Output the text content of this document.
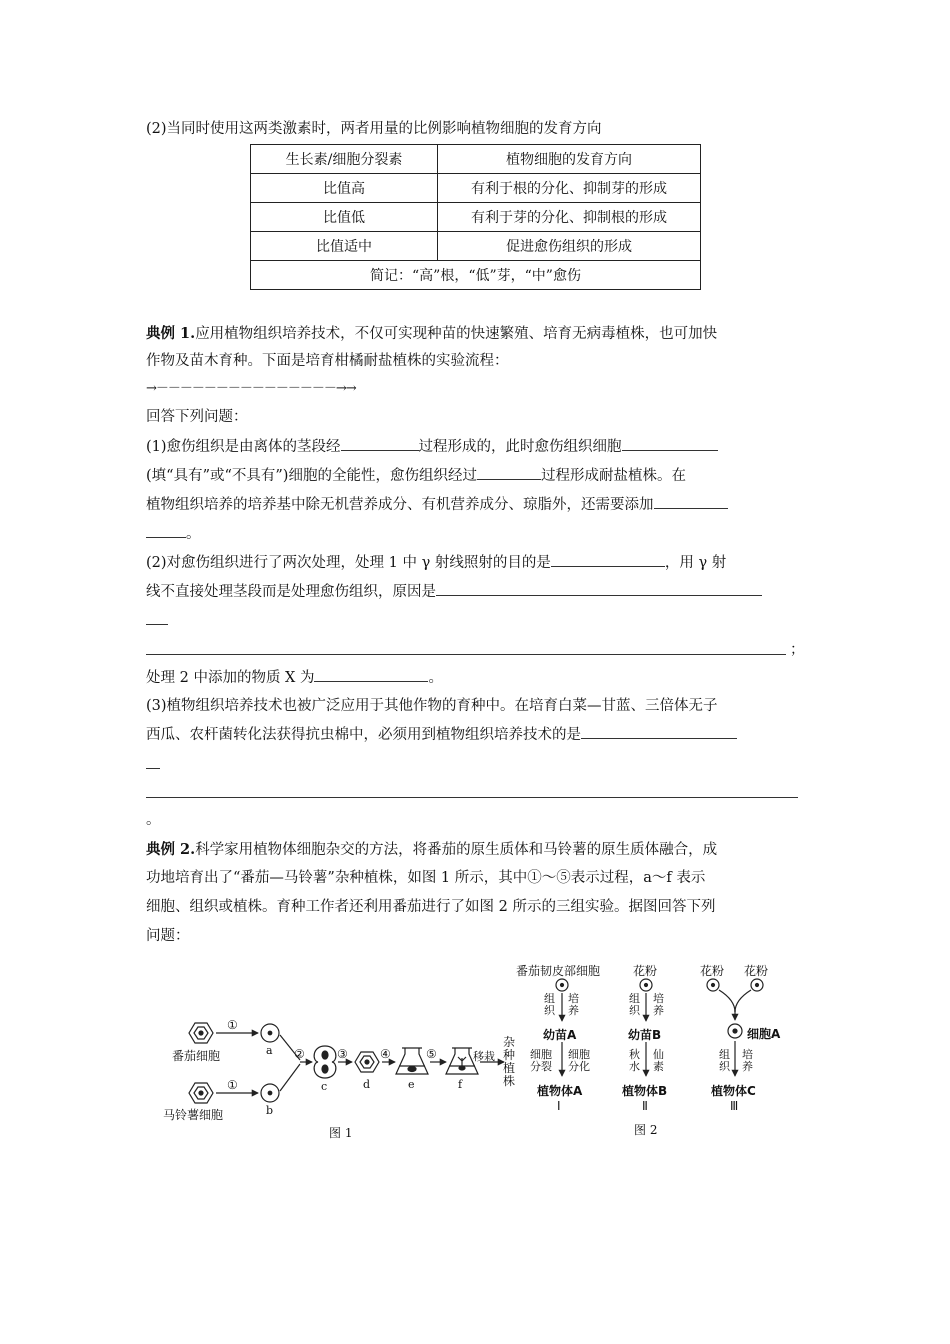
(2)当同时使用这两类激素时，两者用量的比例影响植物细胞的发育方向
生长素/细胞分裂素	植物细胞的发育方向
比值高	有利于根的分化、抑制芽的形成
比值低	有利于芽的分化、抑制根的形成
比值适中	促进愈伤组织的形成
简记：“高”根，“低”芽，“中”愈伤	
典例 1.应用植物组织培养技术，不仅可实现种苗的快速繁殖、培育无病毒植株，也可加快
作物及苗木育种。下面是培育柑橘耐盐植株的实验流程：
→－－－－－－－－－－－－－－－→→
回答下列问题：
(1)愈伤组织是由离体的茎段经	过程形成的，此时愈伤组织细胞
(填“具有”或“不具有”)细胞的全能性，愈伤组织经过	过程形成耐盐植株。在
植物组织培养的培养基中除无机营养成分、有机营养成分、琼脂外，还需要添加
。
(2)对愈伤组织进行了两次处理，处理 1 中 γ 射线照射的目的是	，用 γ 射
线不直接处理茎段而是处理愈伤组织，原因是
；
处理 2 中添加的物质 X 为	。
(3)植物组织培养技术也被广泛应用于其他作物的育种中。在培育白菜—甘蓝、三倍体无子
西瓜、农杆菌转化法获得抗虫棉中，必须用到植物组织培养技术的是
。
典例 2.科学家用植物体细胞杂交的方法，将番茄的原生质体和马铃薯的原生质体融合，成
功地培育出了“番茄—马铃薯”杂种植株，如图 1 所示，其中①～⑤表示过程，a～f 表示
细胞、组织或植株。育种工作者还利用番茄进行了如图 2 所示的三组实验。据图回答下列
问题：
番茄细胞
马铃薯细胞
①
①
a
b
②
c
③
d
④
e
⑤
f
移栽
杂
种
植
株
图 1
番茄韧皮部细胞
组
织
培
养
幼苗A
细胞
分裂
细胞
分化
植物体A
Ⅰ
花粉
组
织
培
养
幼苗B
秋
水
仙
素
植物体B
Ⅱ
图 2
花粉 花粉
细胞A
组
织
培
养
植物体C
Ⅲ
